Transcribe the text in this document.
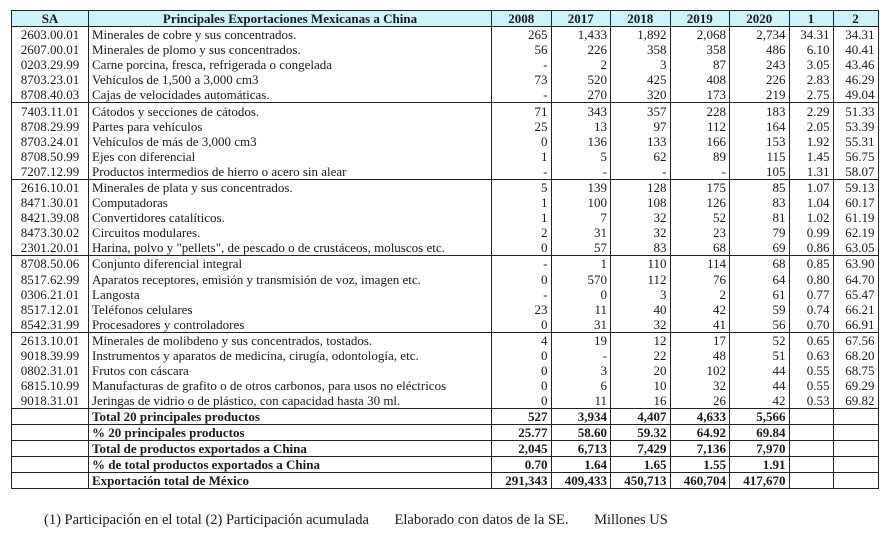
SA	Principales Exportaciones Mexicanas a China	2008	2017	2018	2019	2020	1	2
2603.00.01	Minerales de cobre y sus concentrados.	265	1,433	1,892	2,068	2,734	34.31	34.31
2607.00.01	Minerales de plomo y sus concentrados.	56	226	358	358	486	6.10	40.41
0203.29.99	Carne porcina, fresca, refrigerada o congelada	-	2	3	87	243	3.05	43.46
8703.23.01	Vehículos de 1,500 a 3,000 cm3	73	520	425	408	226	2.83	46.29
8708.40.03	Cajas de velocidades automáticas.	-	270	320	173	219	2.75	49.04
7403.11.01	Cátodos y secciones de cátodos.	71	343	357	228	183	2.29	51.33
8708.29.99	Partes para vehículos	25	13	97	112	164	2.05	53.39
8703.24.01	Vehículos de más de 3,000 cm3	0	136	133	166	153	1.92	55.31
8708.50.99	Ejes con diferencial	1	5	62	89	115	1.45	56.75
7207.12.99	Productos intermedios de hierro o acero sin alear	-	-	-	-	105	1.31	58.07
2616.10.01	Minerales de plata y sus concentrados.	5	139	128	175	85	1.07	59.13
8471.30.01	Computadoras	1	100	108	126	83	1.04	60.17
8421.39.08	Convertidores catalíticos.	1	7	32	52	81	1.02	61.19
8473.30.02	Circuitos modulares.	2	31	32	23	79	0.99	62.19
2301.20.01	Harina, polvo y "pellets", de pescado o de crustáceos, moluscos etc.	0	57	83	68	69	0.86	63.05
8708.50.06	Conjunto diferencial integral	-	1	110	114	68	0.85	63.90
8517.62.99	Aparatos receptores, emisión y transmisión de voz, imagen etc.	0	570	112	76	64	0.80	64.70
0306.21.01	Langosta	-	0	3	2	61	0.77	65.47
8517.12.01	Teléfonos celulares	23	11	40	42	59	0.74	66.21
8542.31.99	Procesadores y controladores	0	31	32	41	56	0.70	66.91
2613.10.01	Minerales de molibdeno y sus concentrados, tostados.	4	19	12	17	52	0.65	67.56
9018.39.99	Instrumentos y aparatos de medicina, cirugía, odontología, etc.	0	-	22	48	51	0.63	68.20
0802.31.01	Frutos con cáscara	0	3	20	102	44	0.55	68.75
6815.10.99	Manufacturas de grafito o de otros carbonos, para usos no eléctricos	0	6	10	32	44	0.55	69.29
9018.31.01	Jeringas de vidrio o de plástico, con capacidad hasta 30 ml.	0	11	16	26	42	0.53	69.82
	Total 20 principales productos	527	3,934	4,407	4,633	5,566		
	% 20 principales productos	25.77	58.60	59.32	64.92	69.84		
	Total de productos exportados a China	2,045	6,713	7,429	7,136	7,970		
	% de total productos exportados a China	0.70	1.64	1.65	1.55	1.91		
	Exportación total de México	291,343	409,433	450,713	460,704	417,670		
(1) Participación en el total (2) Participación acumulada Elaborado con datos de la SE. Millones US
